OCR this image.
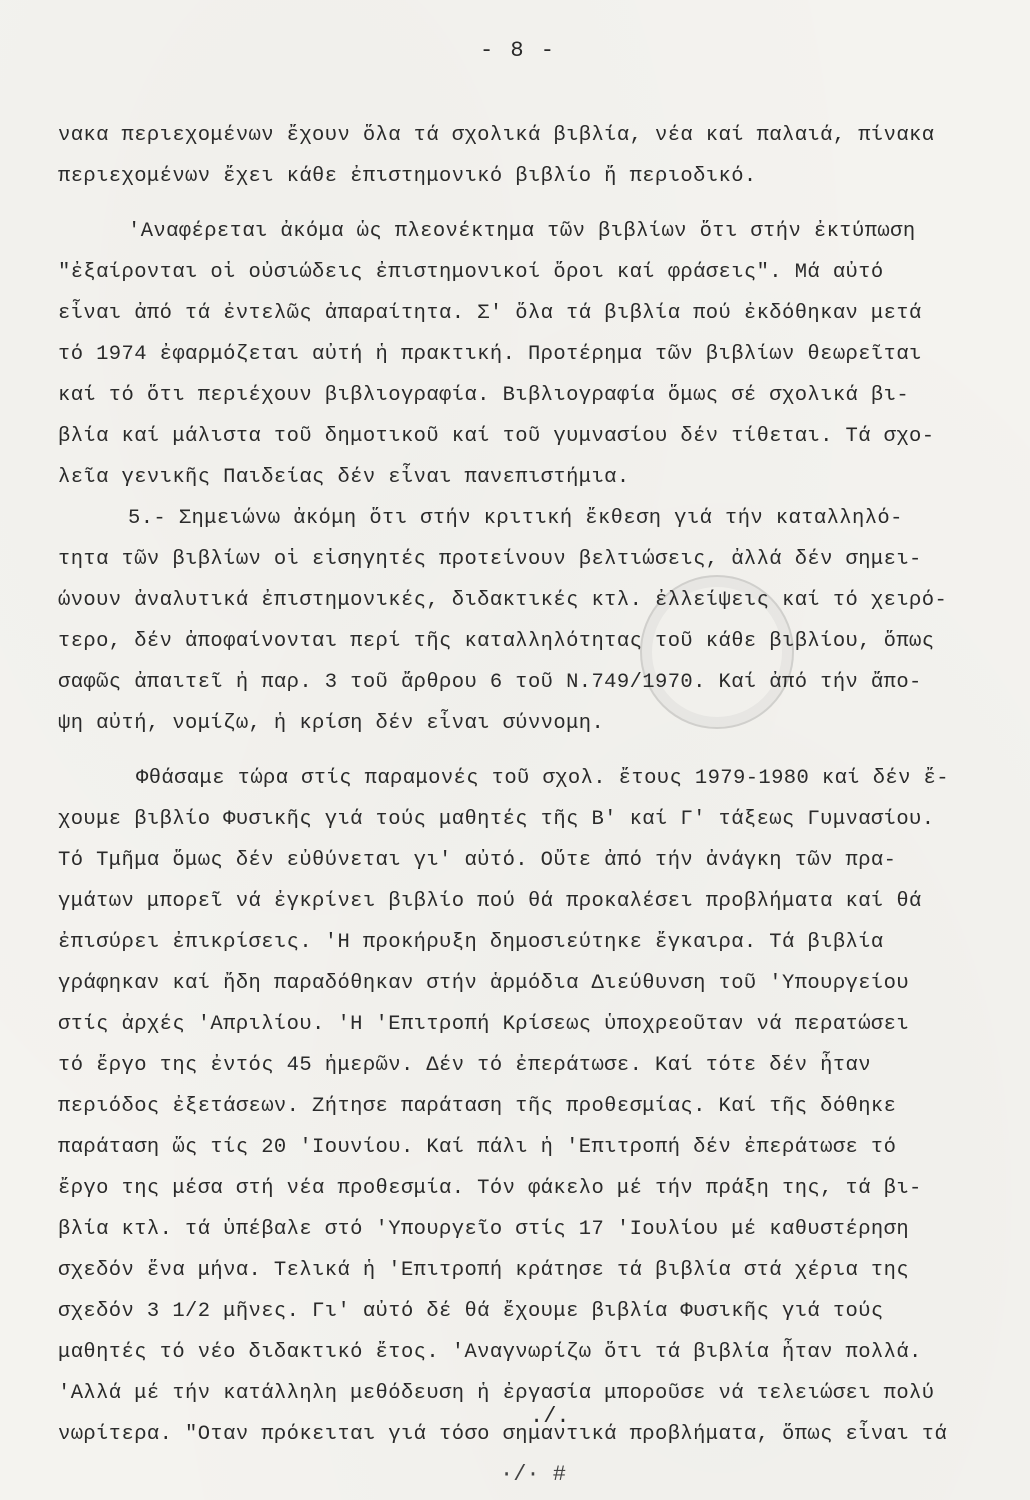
- 8 -
νακα περιεχομένων ἔχουν ὅλα τά σχολικά βιβλία, νέα καί παλαιά, πίνακα
περιεχομένων ἔχει κάθε ἐπιστημονικό βιβλίο ἤ περιοδικό.
'Αναφέρεται ἀκόμα ὡς πλεονέκτημα τῶν βιβλίων ὅτι στήν ἐκτύπωση
"ἐξαίρονται οἱ οὐσιώδεις ἐπιστημονικοί ὅροι καί φράσεις". Μά αὐτό
εἶναι ἀπό τά ἐντελῶς ἀπαραίτητα. Σ' ὅλα τά βιβλία πού ἐκδόθηκαν μετά
τό 1974 ἐφαρμόζεται αὐτή ἡ πρακτική. Προτέρημα τῶν βιβλίων θεωρεῖται
καί τό ὅτι περιέχουν βιβλιογραφία. Βιβλιογραφία ὅμως σέ σχολικά βι-
βλία καί μάλιστα τοῦ δημοτικοῦ καί τοῦ γυμνασίου δέν τίθεται. Τά σχο-
λεῖα γενικῆς Παιδείας δέν εἶναι πανεπιστήμια.
5.- Σημειώνω ἀκόμη ὅτι στήν κριτική ἔκθεση γιά τήν καταλληλό-
τητα τῶν βιβλίων οἱ εἰσηγητές προτείνουν βελτιώσεις, ἀλλά δέν σημει-
ώνουν ἀναλυτικά ἐπιστημονικές, διδακτικές κτλ. ἐλλείψεις καί τό χειρό-
τερο, δέν ἀποφαίνονται περί τῆς καταλληλότητας τοῦ κάθε βιβλίου, ὅπως
σαφῶς ἀπαιτεῖ ἡ παρ. 3 τοῦ ἄρθρου 6 τοῦ Ν.749/1970. Καί ἀπό τήν ἄπο-
ψη αὐτή, νομίζω, ἡ κρίση δέν εἶναι σύννομη.
Φθάσαμε τώρα στίς παραμονές τοῦ σχολ. ἔτους 1979-1980 καί δέν ἔ-
χουμε βιβλίο Φυσικῆς γιά τούς μαθητές τῆς Β' καί Γ' τάξεως Γυμνασίου.
Τό Τμῆμα ὅμως δέν εὐθύνεται γι' αὐτό. Οὔτε ἀπό τήν ἀνάγκη τῶν πρα-
γμάτων μπορεῖ νά ἐγκρίνει βιβλίο πού θά προκαλέσει προβλήματα καί θά
ἐπισύρει ἐπικρίσεις. 'Η προκήρυξη δημοσιεύτηκε ἔγκαιρα. Τά βιβλία
γράφηκαν καί ἤδη παραδόθηκαν στήν ἁρμόδια Διεύθυνση τοῦ 'Υπουργείου
στίς ἀρχές 'Απριλίου. 'Η 'Επιτροπή Κρίσεως ὑποχρεοῦταν νά περατώσει
τό ἔργο της ἐντός 45 ἡμερῶν. Δέν τό ἐπεράτωσε. Καί τότε δέν ἦταν
περιόδος ἐξετάσεων. Ζήτησε παράταση τῆς προθεσμίας. Καί τῆς δόθηκε
παράταση ὥς τίς 20 'Ιουνίου. Καί πάλι ἡ 'Επιτροπή δέν ἐπεράτωσε τό
ἔργο της μέσα στή νέα προθεσμία. Τόν φάκελο μέ τήν πράξη της, τά βι-
βλία κτλ. τά ὑπέβαλε στό 'Υπουργεῖο στίς 17 'Ιουλίου μέ καθυστέρηση
σχεδόν ἕνα μήνα. Τελικά ἡ 'Επιτροπή κράτησε τά βιβλία στά χέρια της
σχεδόν 3 1/2 μῆνες. Γι' αὐτό δέ θά ἔχουμε βιβλία Φυσικῆς γιά τούς
μαθητές τό νέο διδακτικό ἔτος. 'Αναγνωρίζω ὅτι τά βιβλία ἦταν πολλά.
'Αλλά μέ τήν κατάλληλη μεθόδευση ἡ ἐργασία μποροῦσε νά τελειώσει πολύ
νωρίτερα. "Οταν πρόκειται γιά τόσο σημαντικά προβλήματα, ὅπως εἶναι τά
./.
·/· #
